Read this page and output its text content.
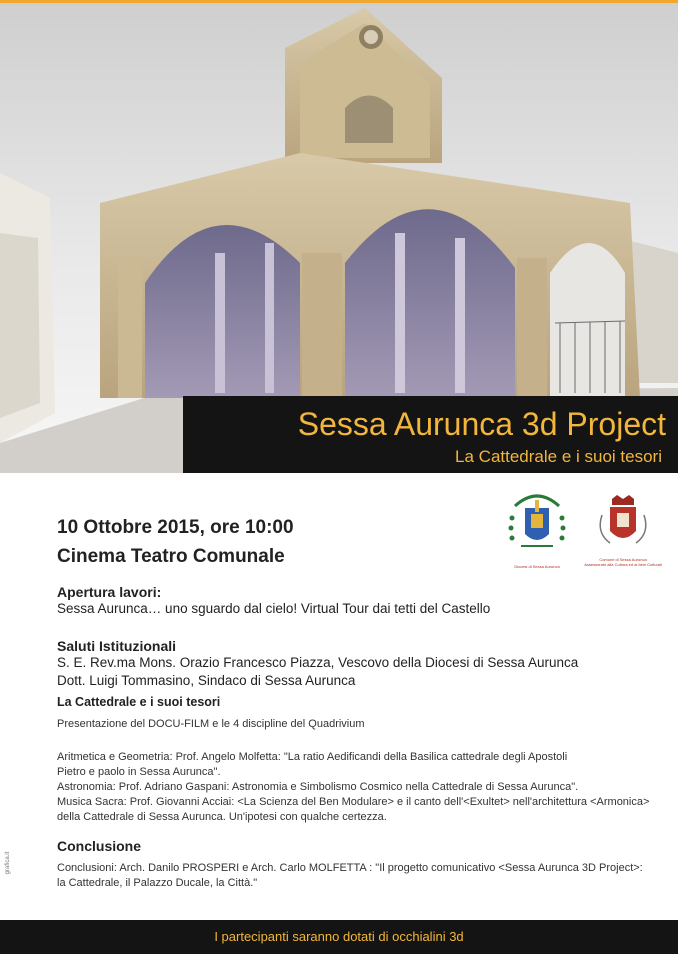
Sessa Aurunca 3d Project
La Cattedrale e i suoi tesori
10 Ottobre 2015, ore 10:00
Cinema Teatro Comunale	Diocesi di Sessa Aurunca
Comune di Sessa Aurunca
Assessorato alla Cultura ed ai beni Culturali
Apertura lavori:
Sessa Aurunca… uno sguardo dal cielo! Virtual Tour dai tetti del Castello
Saluti Istituzionali
S. E. Rev.ma Mons. Orazio Francesco Piazza, Vescovo della Diocesi di Sessa Aurunca
Dott. Luigi Tommasino, Sindaco di Sessa Aurunca
La Cattedrale e i suoi tesori
Presentazione del DOCU-FILM e le 4 discipline del Quadrivium
Aritmetica e Geometria: Prof. Angelo Molfetta: "La ratio Aedificandi della Basilica cattedrale degli Apostoli
Pietro e paolo in Sessa Aurunca".
Astronomia: Prof. Adriano Gaspani: Astronomia e Simbolismo Cosmico nella Cattedrale di Sessa Aurunca".
Musica Sacra: Prof. Giovanni Acciai: <La Scienza del Ben Modulare> e il canto dell'<Exultet> nell'architettura <Armonica>
della Cattedrale di Sessa Aurunca. Un'ipotesi con qualche certezza.
Conclusione
Conclusioni: Arch. Danilo PROSPERI e Arch. Carlo MOLFETTA : "Il progetto comunicativo <Sessa Aurunca 3D Project>:
la Cattedrale, il Palazzo Ducale, la Città."
grafica.it
I partecipanti saranno dotati di occhialini 3d
